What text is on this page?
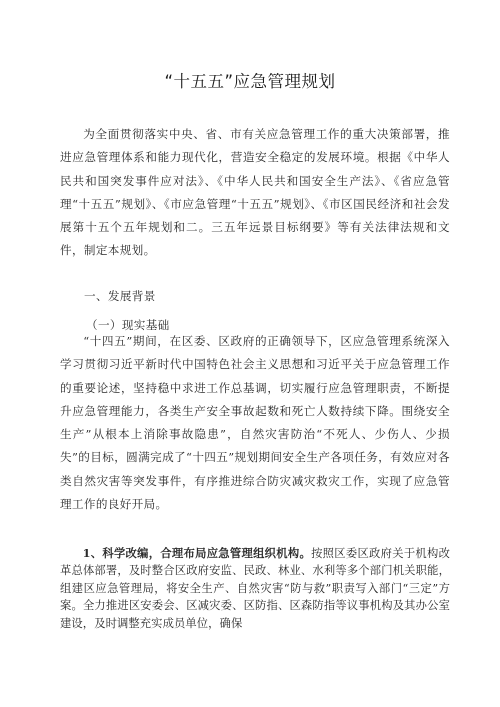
“十五五”应急管理规划

为全面贯彻落实中央、省、市有关应急管理工作的重大决策部署，推进应急管理体系和能力现代化，营造安全稳定的发展环境。根据《中华人民共和国突发事件应对法》、《中华人民共和国安全生产法》、《省应急管理“十五五”规划》、《市应急管理“十五五”规划》、《市区国民经济和社会发展第十五个五年规划和二。三五年远景目标纲要》等有关法律法规和文件，制定本规划。

一、发展背景

（一）现实基础

“十四五”期间，在区委、区政府的正确领导下，区应急管理系统深入学习贯彻习近平新时代中国特色社会主义思想和习近平关于应急管理工作的重要论述，坚持稳中求进工作总基调，切实履行应急管理职责，不断提升应急管理能力，各类生产安全事故起数和死亡人数持续下降。围绕安全生产”从根本上消除事故隐患”，自然灾害防治“不死人、少伤人、少损失”的目标，圆满完成了“十四五”规划期间安全生产各项任务，有效应对各类自然灾害等突发事件，有序推进综合防灾减灾救灾工作，实现了应急管理工作的良好开局。

1、科学改编，合理布局应急管理组织机构。按照区委区政府关于机构改革总体部署，及时整合区政府安监、民政、林业、水利等多个部门机关职能，组建区应急管理局，将安全生产、自然灾害“防与救”职责写入部门“三定”方案。全力推进区安委会、区减灾委、区防指、区森防指等议事机构及其办公室建设，及时调整充实成员单位，确保
